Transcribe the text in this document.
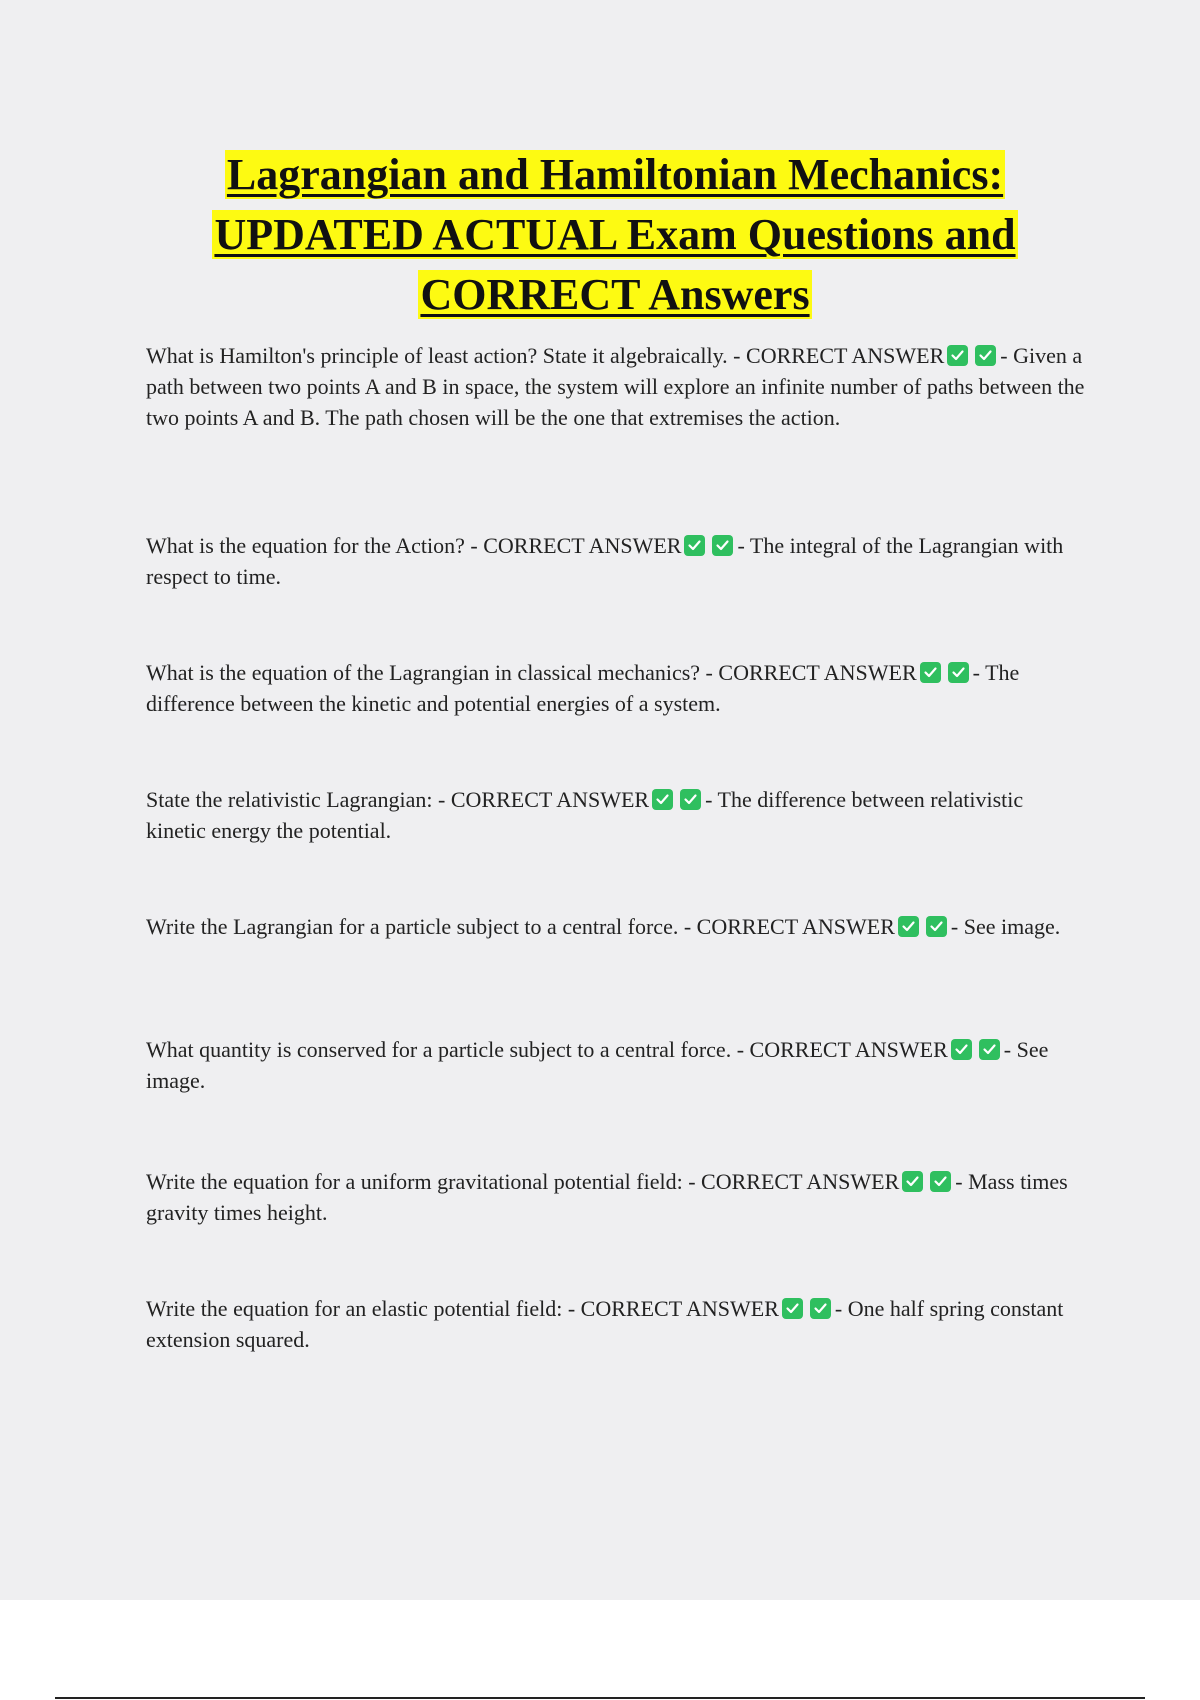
Lagrangian and Hamiltonian Mechanics:
UPDATED ACTUAL Exam Questions and
CORRECT Answers

What is Hamilton's principle of least action? State it algebraically. - CORRECT ANSWER	- Given a path between two points A and B in space, the system will explore an infinite number of paths between the two points A and B. The path chosen will be the one that extremises the action.

What is the equation for the Action? - CORRECT ANSWER	- The integral of the Lagrangian with respect to time.

What is the equation of the Lagrangian in classical mechanics? - CORRECT ANSWER	- The difference between the kinetic and potential energies of a system.

State the relativistic Lagrangian: - CORRECT ANSWER	- The difference between relativistic kinetic energy the potential.

Write the Lagrangian for a particle subject to a central force. - CORRECT ANSWER	- See image.

What quantity is conserved for a particle subject to a central force. - CORRECT ANSWER	- See image.

Write the equation for a uniform gravitational potential field: - CORRECT ANSWER	- Mass times gravity times height.

Write the equation for an elastic potential field: - CORRECT ANSWER	- One half spring constant extension squared.
